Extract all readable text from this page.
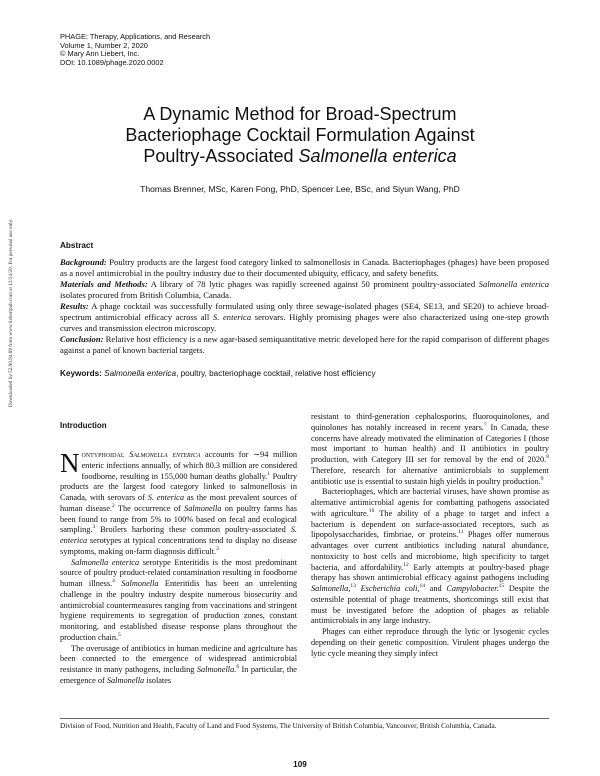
PHAGE: Therapy, Applications, and Research
Volume 1, Number 2, 2020
© Mary Ann Liebert, Inc.
DOI: 10.1089/phage.2020.0002
A Dynamic Method for Broad-Spectrum
Bacteriophage Cocktail Formulation Against
Poultry-Associated Salmonella enterica
Thomas Brenner, MSc, Karen Fong, PhD, Spencer Lee, BSc, and Siyun Wang, PhD
Abstract

Background: Poultry products are the largest food category linked to salmonellosis in Canada. Bacteriophages (phages) have been proposed as a novel antimicrobial in the poultry industry due to their documented ubiquity, efficacy, and safety benefits.

Materials and Methods: A library of 78 lytic phages was rapidly screened against 50 prominent poultry-associated Salmonella enterica isolates procured from British Columbia, Canada.

Results: A phage cocktail was successfully formulated using only three sewage-isolated phages (SE4, SE13, and SE20) to achieve broad-spectrum antimicrobial efficacy across all S. enterica serovars. Highly promising phages were also characterized using one-step growth curves and transmission electron microscopy.

Conclusion: Relative host efficiency is a new agar-based semiquantitative metric developed here for the rapid comparison of different phages against a panel of known bacterial targets.

Keywords: Salmonella enterica, poultry, bacteriophage cocktail, relative host efficiency

Introduction

Nontyphoidal Salmonella enterica accounts for ∼94 million enteric infections annually, of which 80.3 million are considered foodborne, resulting in 155,000 human deaths globally.$^1$ Poultry products are the largest food category linked to salmonellosis in Canada, with serovars of S. enterica as the most prevalent sources of human disease.$^2$ The occurrence of Salmonella on poultry farms has been found to range from 5% to 100% based on fecal and ecological sampling.$^3$ Broilers harboring these common poultry-associated S. enterica serotypes at typical concentrations tend to display no disease symptoms, making on-farm diagnosis difficult.$^3$

Salmonella enterica serotype Enteritidis is the most predominant source of poultry product-related contamination resulting in foodborne human illness.$^4$ Salmonella Enteritidis has been an unrelenting challenge in the poultry industry despite numerous biosecurity and antimicrobial countermeasures ranging from vaccinations and stringent hygiene requirements to segregation of production zones, constant monitoring, and established disease response plans throughout the production chain.$^5$

The overusage of antibiotics in human medicine and agriculture has been connected to the emergence of widespread antimicrobial resistance in many pathogens, including Salmonella.$^6$ In particular, the emergence of Salmonella isolates

resistant to third-generation cephalosporins, fluoroquinolones, and quinolones has notably increased in recent years.$^7$ In Canada, these concerns have already motivated the elimination of Categories I (those most important to human health) and II antibiotics in poultry production, with Category III set for removal by the end of 2020.$^8$ Therefore, research for alternative antimicrobials to supplement antibiotic use is essential to sustain high yields in poultry production.$^9$

Bacteriophages, which are bacterial viruses, have shown promise as alternative antimicrobial agents for combatting pathogens associated with agriculture.$^{10}$ The ability of a phage to target and infect a bacterium is dependent on surface-associated receptors, such as lipopolysaccharides, fimbriae, or proteins.$^{11}$ Phages offer numerous advantages over current antibiotics including natural abundance, nontoxicity to host cells and microbiome, high specificity to target bacteria, and affordability.$^{12}$ Early attempts at poultry-based phage therapy has shown antimicrobial efficacy against pathogens including Salmonella,$^{13}$ Escherichia coli,$^{14}$ and Campylobacter.$^{15}$ Despite the ostensible potential of phage treatments, shortcomings still exist that must be investigated before the adoption of phages as reliable antimicrobials in any large industry.

Phages can either reproduce through the lytic or lysogenic cycles depending on their genetic composition. Virulent phages undergo the lytic cycle meaning they simply infect

Division of Food, Nutrition and Health, Faculty of Land and Food Systems, The University of British Columbia, Vancouver, British Columbia, Canada.
109
Downloaded by 52.90.94.89 from www.liebertpub.com at 12/24/20. For personal use only.
